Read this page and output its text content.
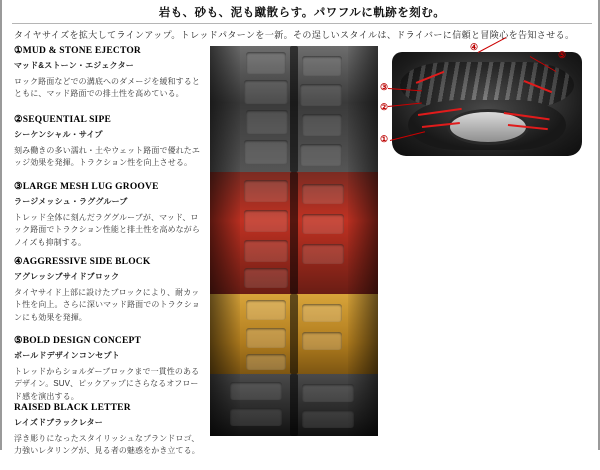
岩も、砂も、泥も蹴散らす。パワフルに軌跡を刻む。
タイヤサイズを拡大してラインアップ。トレッドパターンを一新。その逞しいスタイルは、ドライバーに信頼と冒険心を告知させる。
①MUD & STONE EJECTOR
マッド&ストーン・エジェクター
ロック路面などでの溝底へのダメージを緩和するとともに、マッド路面での排土性を高めている。
②SEQUENTIAL SIPE
シーケンシャル・サイプ
刻み働きの多い濡れ・土やウェット路面で優れたエッジ効果を発揮。トラクション性を向上させる。
③LARGE MESH LUG GROOVE
ラージメッシュ・ラググルーブ
トレッド全体に刻んだラググルーブが、マッド、ロック路面でトラクション性能と排土性を高めながらノイズも抑制する。
④AGGRESSIVE SIDE BLOCK
アグレッシブサイドブロック
タイヤサイド上部に設けたブロックにより、耐カット性を向上。さらに深いマッド路面でのトラクションにも効果を発揮。
⑤BOLD DESIGN CONCEPT
ボールドデザインコンセプト
トレッドからショルダーブロックまで一貫性のあるデザイン。SUV、ピックアップにさらなるオフロード感を演出する。
RAISED BLACK LETTER
レイズドブラックレター
浮き彫りになったスタイリッシュなブランドロゴ、力強いレタリングが、見る者の魅惑をかき立てる。
①
②
③
④
⑤
